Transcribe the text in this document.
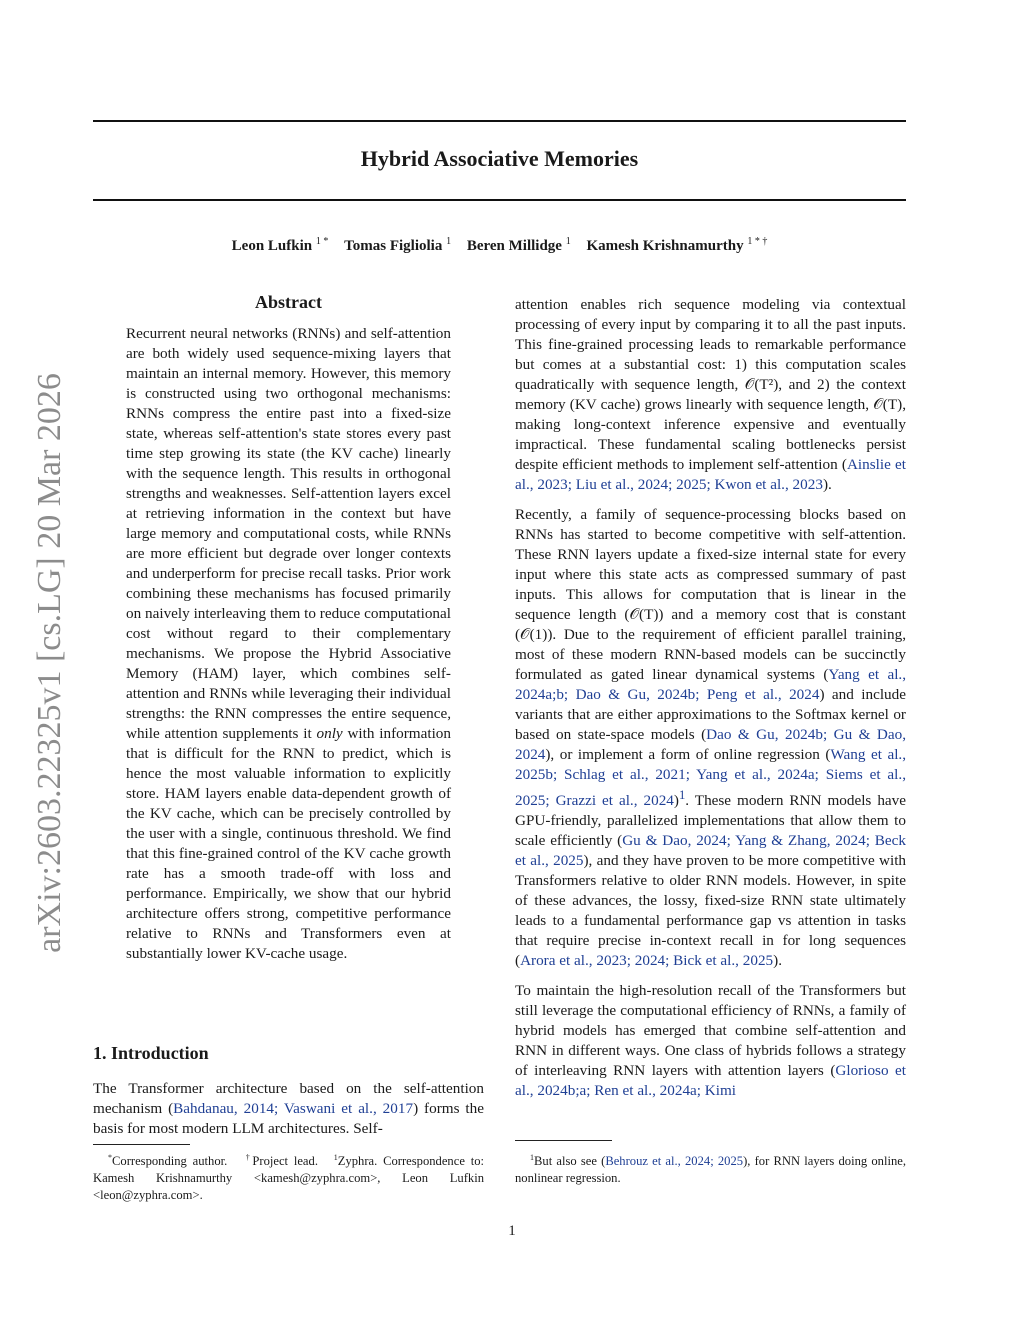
arXiv:2603.22325v1 [cs.LG] 20 Mar 2026
Hybrid Associative Memories
Leon Lufkin $^{1 *}$ Tomas Figliolia $^1$ Beren Millidge $^1$ Kamesh Krishnamurthy $^{1 * \dagger}$
Abstract
Recurrent neural networks (RNNs) and self-attention are both widely used sequence-mixing layers that maintain an internal memory. However, this memory is constructed using two orthogonal mechanisms: RNNs compress the entire past into a fixed-size state, whereas self-attention's state stores every past time step growing its state (the KV cache) linearly with the sequence length. This results in orthogonal strengths and weaknesses. Self-attention layers excel at retrieving information in the context but have large memory and computational costs, while RNNs are more efficient but degrade over longer contexts and underperform for precise recall tasks. Prior work combining these mechanisms has focused primarily on naively interleaving them to reduce computational cost without regard to their complementary mechanisms. We propose the Hybrid Associative Memory (HAM) layer, which combines self-attention and RNNs while leveraging their individual strengths: the RNN compresses the entire sequence, while attention supplements it only with information that is difficult for the RNN to predict, which is hence the most valuable information to explicitly store. HAM layers enable data-dependent growth of the KV cache, which can be precisely controlled by the user with a single, continuous threshold. We find that this fine-grained control of the KV cache growth rate has a smooth trade-off with loss and performance. Empirically, we show that our hybrid architecture offers strong, competitive performance relative to RNNs and Transformers even at substantially lower KV-cache usage.
1. Introduction
The Transformer architecture based on the self-attention mechanism (Bahdanau, 2014; Vaswani et al., 2017) forms the basis for most modern LLM architectures. Self-
*Corresponding author. †Project lead. $^1$Zyphra. Correspondence to: Kamesh Krishnamurthy <kamesh@zyphra.com>, Leon Lufkin <leon@zyphra.com>.

attention enables rich sequence modeling via contextual processing of every input by comparing it to all the past inputs. This fine-grained processing leads to remarkable performance but comes at a substantial cost: 1) this computation scales quadratically with sequence length, 𝒪(T²), and 2) the context memory (KV cache) grows linearly with sequence length, 𝒪(T), making long-context inference expensive and eventually impractical. These fundamental scaling bottlenecks persist despite efficient methods to implement self-attention (Ainslie et al., 2023; Liu et al., 2024; 2025; Kwon et al., 2023).

Recently, a family of sequence-processing blocks based on RNNs has started to become competitive with self-attention. These RNN layers update a fixed-size internal state for every input where this state acts as compressed summary of past inputs. This allows for computation that is linear in the sequence length (𝒪(T)) and a memory cost that is constant (𝒪(1)). Due to the requirement of efficient parallel training, most of these modern RNN-based models can be succinctly formulated as gated linear dynamical systems (Yang et al., 2024a;b; Dao & Gu, 2024b; Peng et al., 2024) and include variants that are either approximations to the Softmax kernel or based on state-space models (Dao & Gu, 2024b; Gu & Dao, 2024), or implement a form of online regression (Wang et al., 2025b; Schlag et al., 2021; Yang et al., 2024a; Siems et al., 2025; Grazzi et al., 2024)$^1$. These modern RNN models have GPU-friendly, parallelized implementations that allow them to scale efficiently (Gu & Dao, 2024; Yang & Zhang, 2024; Beck et al., 2025), and they have proven to be more competitive with Transformers relative to older RNN models. However, in spite of these advances, the lossy, fixed-size RNN state ultimately leads to a fundamental performance gap vs attention in tasks that require precise in-context recall in for long sequences (Arora et al., 2023; 2024; Bick et al., 2025).

To maintain the high-resolution recall of the Transformers but still leverage the computational efficiency of RNNs, a family of hybrid models has emerged that combine self-attention and RNN in different ways. One class of hybrids follows a strategy of interleaving RNN layers with attention layers (Glorioso et al., 2024b;a; Ren et al., 2024a; Kimi

$^1$But also see (Behrouz et al., 2024; 2025), for RNN layers doing online, nonlinear regression.
1
